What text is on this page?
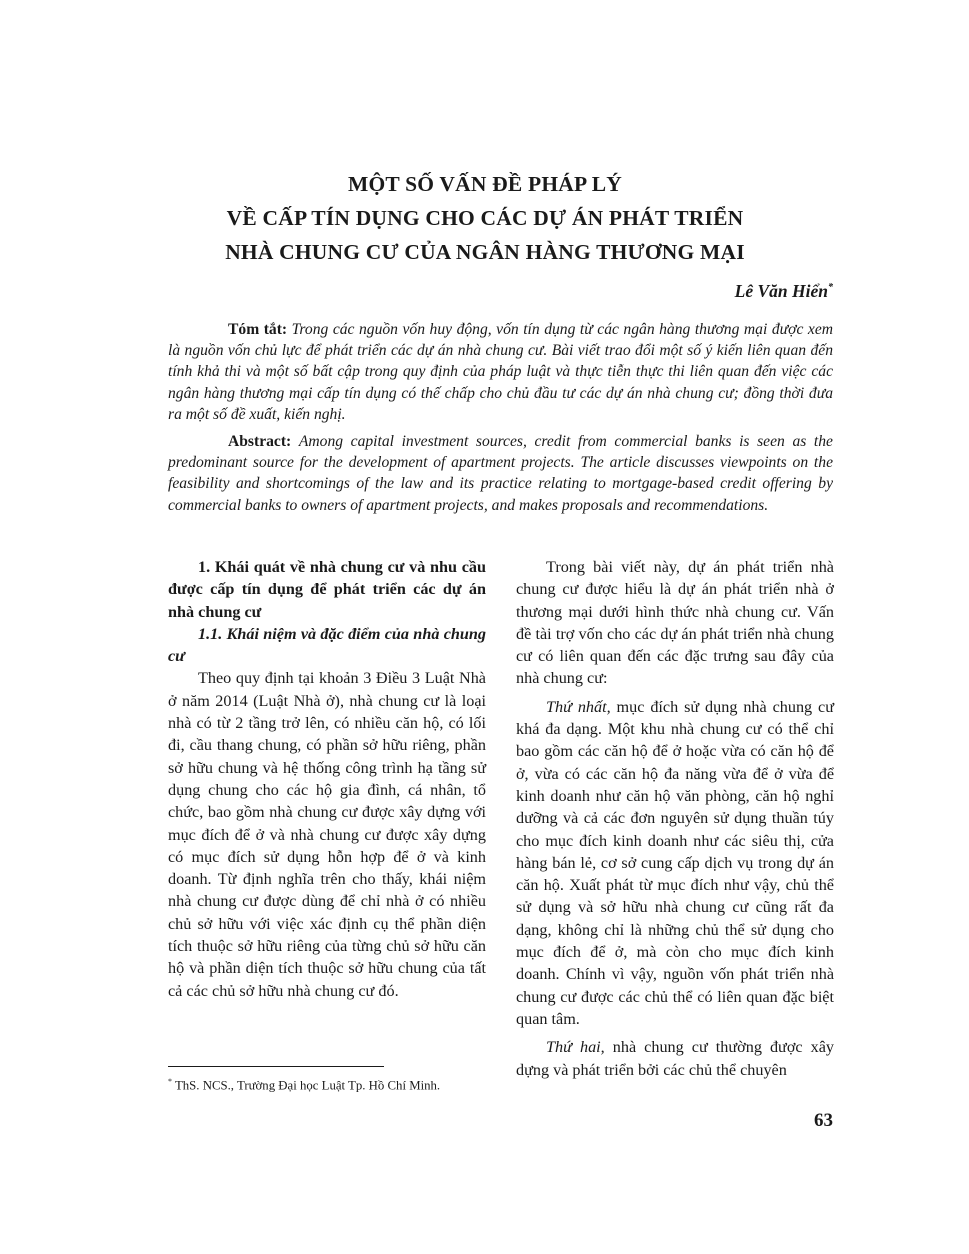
MỘT SỐ VẤN ĐỀ PHÁP LÝ
VỀ CẤP TÍN DỤNG CHO CÁC DỰ ÁN PHÁT TRIỂN
NHÀ CHUNG CƯ CỦA NGÂN HÀNG THƯƠNG MẠI
Lê Văn Hiển*
Tóm tắt: Trong các nguồn vốn huy động, vốn tín dụng từ các ngân hàng thương mại được xem là nguồn vốn chủ lực để phát triển các dự án nhà chung cư. Bài viết trao đổi một số ý kiến liên quan đến tính khả thi và một số bất cập trong quy định của pháp luật và thực tiễn thực thi liên quan đến việc các ngân hàng thương mại cấp tín dụng có thế chấp cho chủ đầu tư các dự án nhà chung cư; đồng thời đưa ra một số đề xuất, kiến nghị.
Abstract: Among capital investment sources, credit from commercial banks is seen as the predominant source for the development of apartment projects. The article discusses viewpoints on the feasibility and shortcomings of the law and its practice relating to mortgage-based credit offering by commercial banks to owners of apartment projects, and makes proposals and recommendations.

1. Khái quát về nhà chung cư và nhu cầu được cấp tín dụng để phát triển các dự án nhà chung cư

1.1. Khái niệm và đặc điểm của nhà chung cư

Theo quy định tại khoản 3 Điều 3 Luật Nhà ở năm 2014 (Luật Nhà ở), nhà chung cư là loại nhà có từ 2 tầng trở lên, có nhiều căn hộ, có lối đi, cầu thang chung, có phần sở hữu riêng, phần sở hữu chung và hệ thống công trình hạ tầng sử dụng chung cho các hộ gia đình, cá nhân, tổ chức, bao gồm nhà chung cư được xây dựng với mục đích để ở và nhà chung cư được xây dựng có mục đích sử dụng hỗn hợp để ở và kinh doanh. Từ định nghĩa trên cho thấy, khái niệm nhà chung cư được dùng để chỉ nhà ở có nhiều chủ sở hữu với việc xác định cụ thể phần diện tích thuộc sở hữu riêng của từng chủ sở hữu căn hộ và phần diện tích thuộc sở hữu chung của tất cả các chủ sở hữu nhà chung cư đó.

Trong bài viết này, dự án phát triển nhà chung cư được hiểu là dự án phát triển nhà ở thương mại dưới hình thức nhà chung cư. Vấn đề tài trợ vốn cho các dự án phát triển nhà chung cư có liên quan đến các đặc trưng sau đây của nhà chung cư:

Thứ nhất, mục đích sử dụng nhà chung cư khá đa dạng. Một khu nhà chung cư có thể chỉ bao gồm các căn hộ để ở hoặc vừa có căn hộ để ở, vừa có các căn hộ đa năng vừa để ở vừa để kinh doanh như căn hộ văn phòng, căn hộ nghỉ dưỡng và cả các đơn nguyên sử dụng thuần túy cho mục đích kinh doanh như các siêu thị, cửa hàng bán lẻ, cơ sở cung cấp dịch vụ trong dự án căn hộ. Xuất phát từ mục đích như vậy, chủ thể sử dụng và sở hữu nhà chung cư cũng rất đa dạng, không chỉ là những chủ thể sử dụng cho mục đích để ở, mà còn cho mục đích kinh doanh. Chính vì vậy, nguồn vốn phát triển nhà chung cư được các chủ thể có liên quan đặc biệt quan tâm.

Thứ hai, nhà chung cư thường được xây dựng và phát triển bởi các chủ thể chuyên

* ThS. NCS., Trường Đại học Luật Tp. Hồ Chí Minh.
63
